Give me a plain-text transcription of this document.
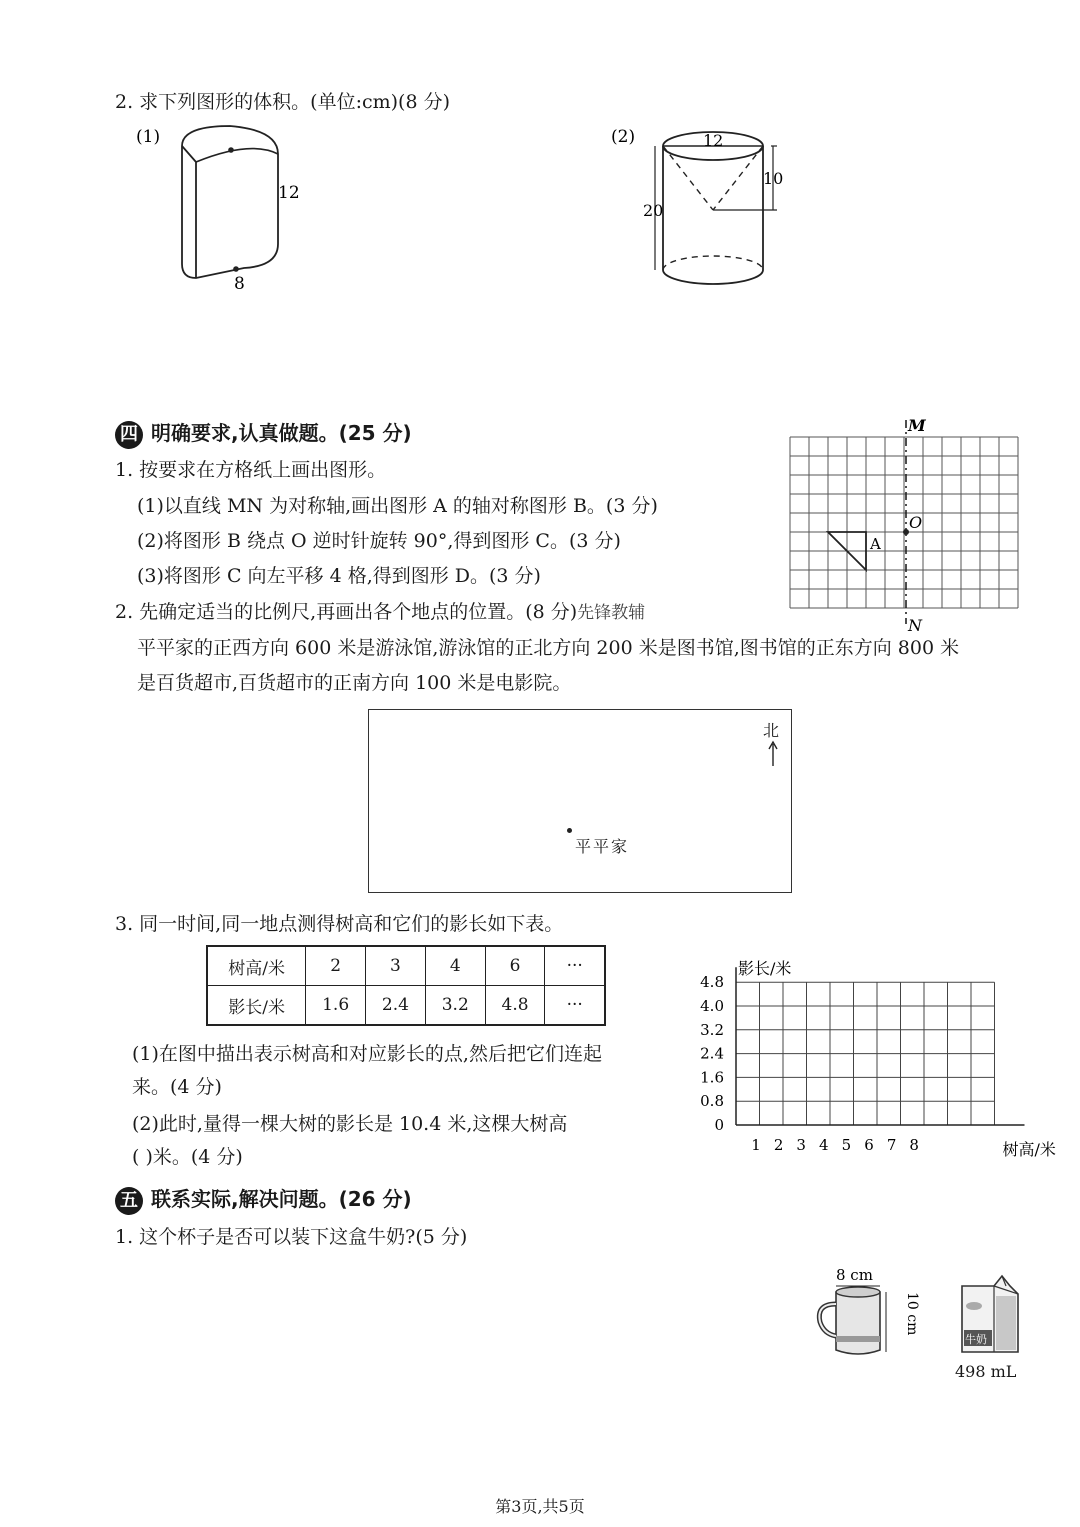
2. 求下列图形的体积。(单位:cm)(8 分)
(1)
12
8
(2)	12
10
20
四 明确要求,认真做题。(25 分)
1. 按要求在方格纸上画出图形。
(1)以直线 MN 为对称轴,画出图形 A 的轴对称图形 B。(3 分)
(2)将图形 B 绕点 O 逆时针旋转 90°,得到图形 C。(3 分)
(3)将图形 C 向左平移 4 格,得到图形 D。(3 分)
M
N
O
A
2. 先确定适当的比例尺,再画出各个地点的位置。(8 分)先锋教辅
平平家的正西方向 600 米是游泳馆,游泳馆的正北方向 200 米是图书馆,图书馆的正东方向 800 米
是百货超市,百货超市的正南方向 100 米是电影院。
北
平平家
3. 同一时间,同一地点测得树高和它们的影长如下表。
树高/米	2	3	4	6	···
影长/米	1.6	2.4	3.2	4.8	···
(1)在图中描出表示树高和对应影长的点,然后把它们连起
来。(4 分)
(2)此时,量得一棵大树的影长是 10.4 米,这棵大树高
( )米。(4 分)
0
0.8
1.6
2.4
3.2
4.0
4.8
1 2 3 4 5 6 7 8
影长/米
树高/米
五 联系实际,解决问题。(26 分)
1. 这个杯子是否可以装下这盒牛奶?(5 分)
8 cm
10 cm
牛奶
498 mL
第3页,共5页
